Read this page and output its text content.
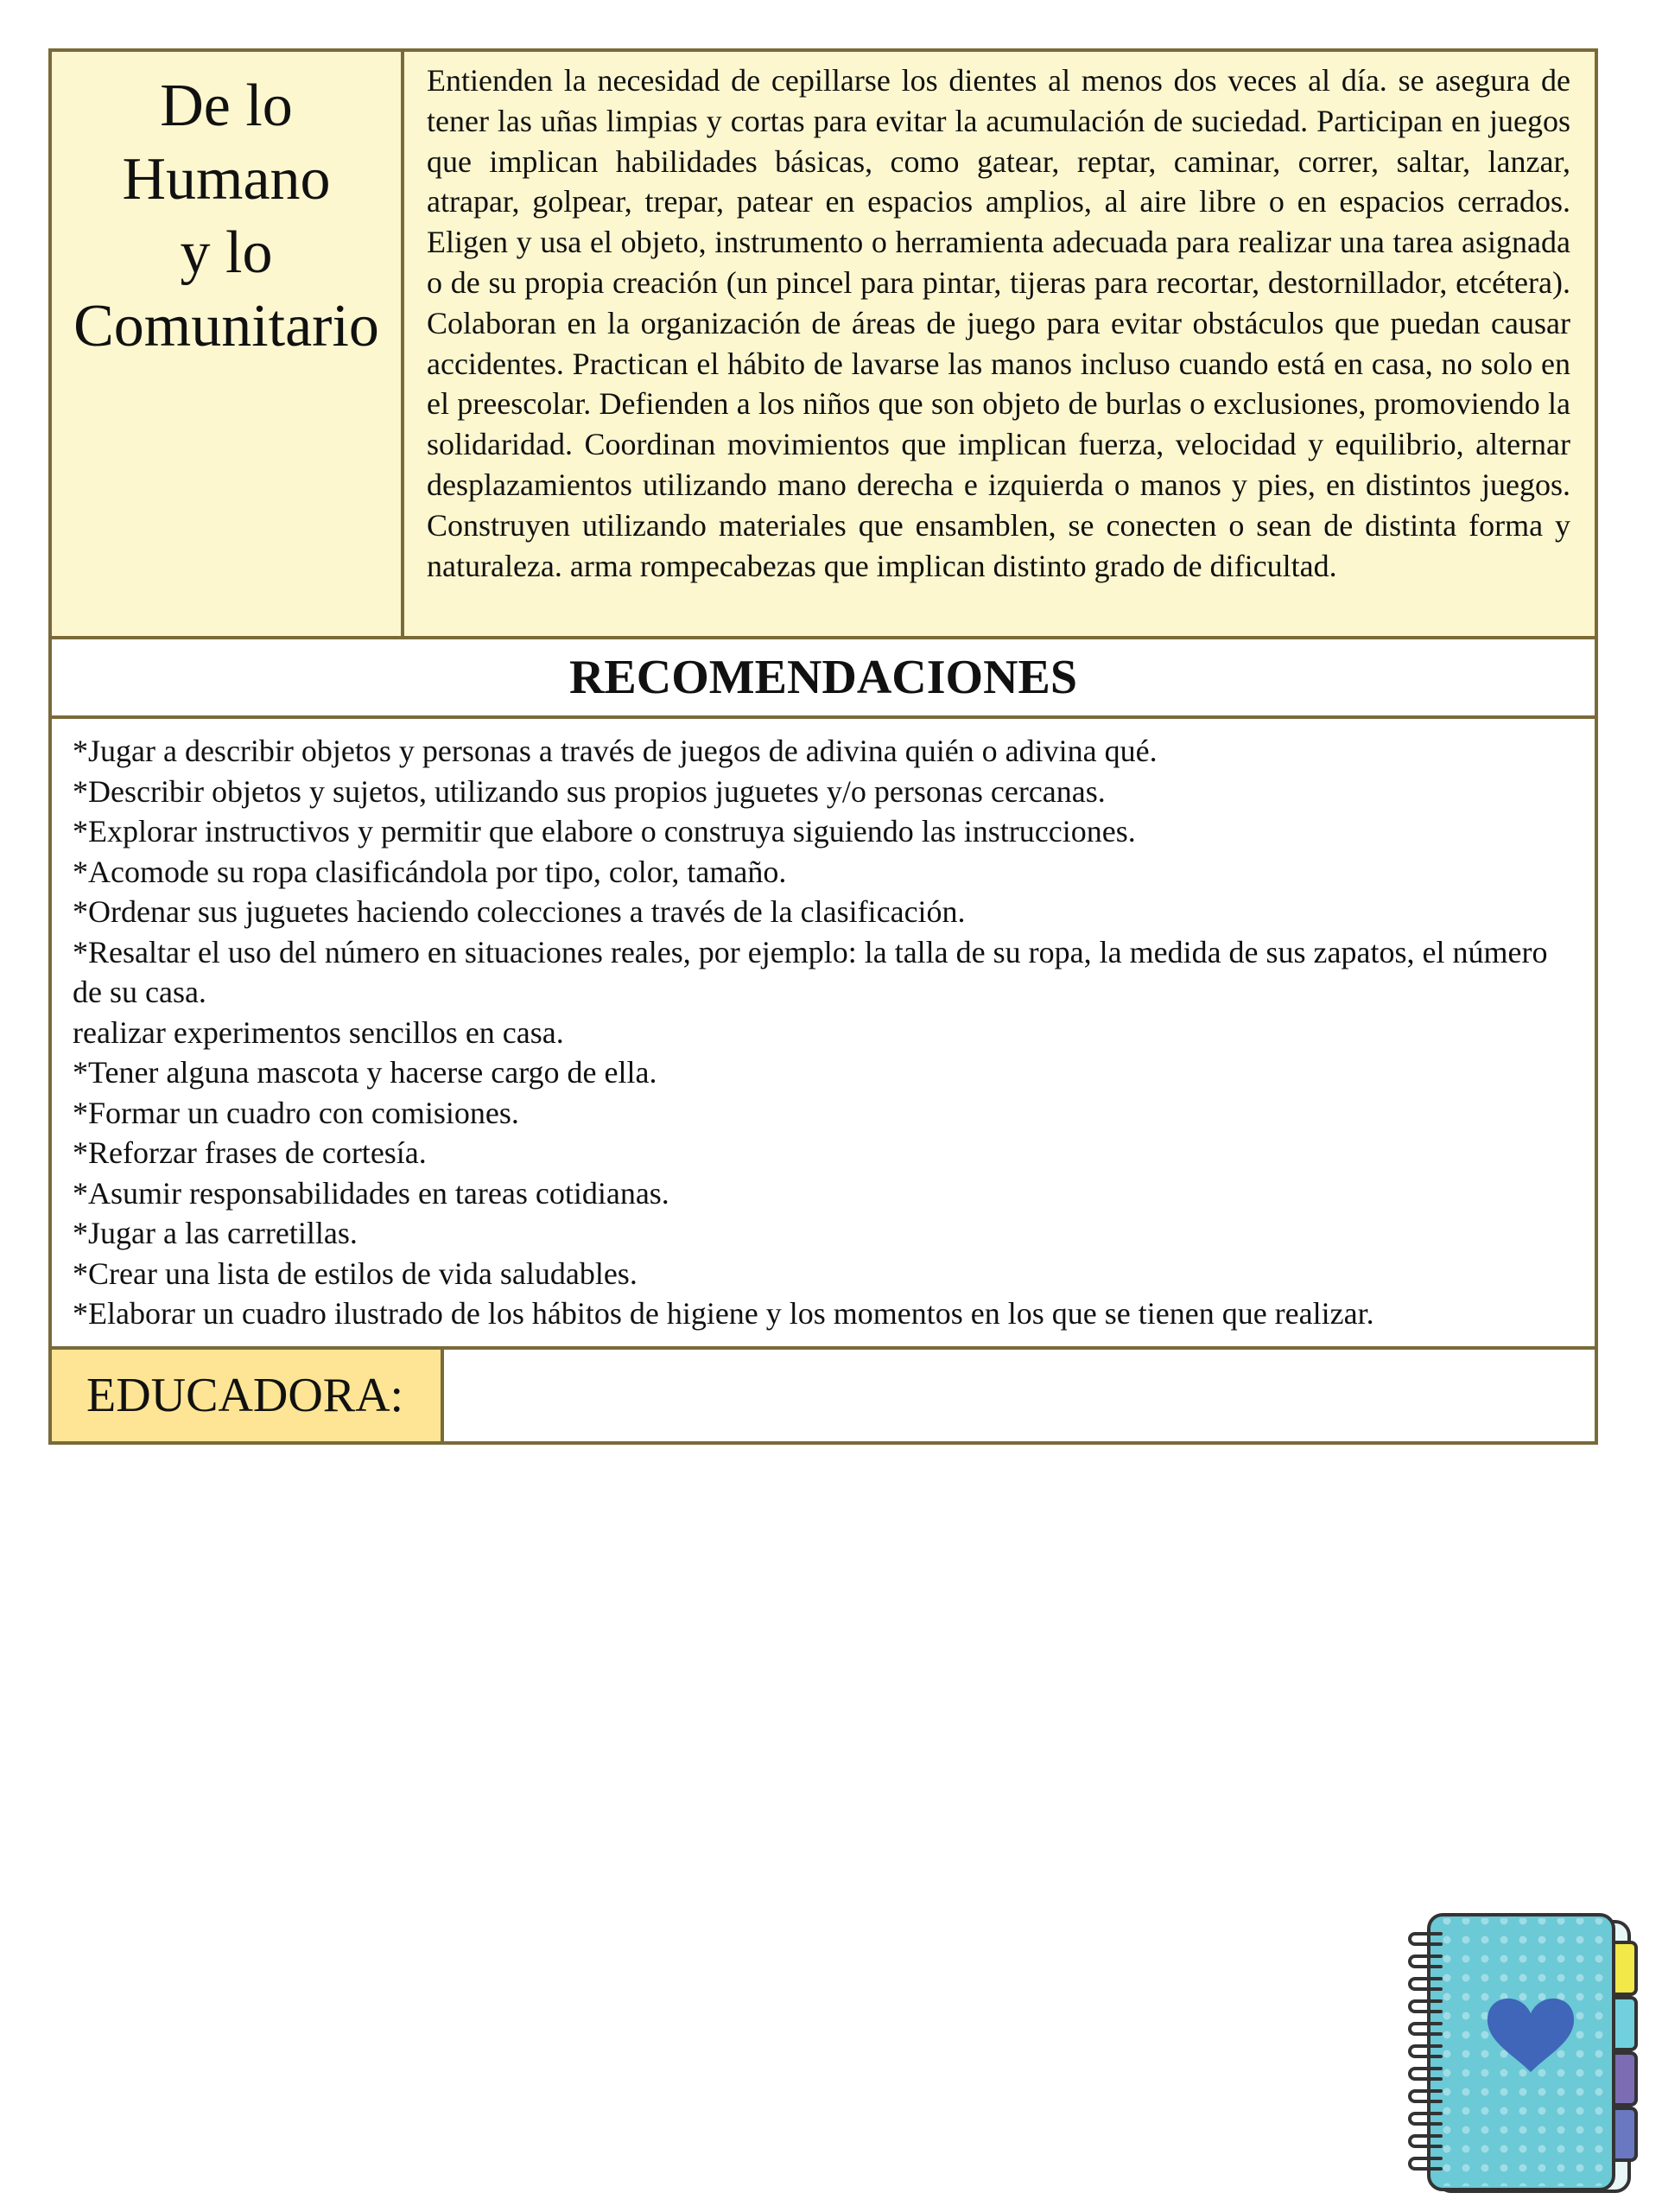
De lo
Humano
y lo
Comunitario
Entienden la necesidad de cepillarse los dientes al menos dos veces al día. se asegura de tener las uñas limpias y cortas para evitar la acumulación de suciedad. Participan en juegos que implican habilidades básicas, como gatear, reptar, caminar, correr, saltar, lanzar, atrapar, golpear, trepar, patear en espacios amplios, al aire libre o en espacios cerrados. Eligen y usa el objeto, instrumento o herramienta adecuada para realizar una tarea asignada o de su propia creación (un pincel para pintar, tijeras para recortar, destornillador, etcétera). Colaboran en la organización de áreas de juego para evitar obstáculos que puedan causar accidentes. Practican el hábito de lavarse las manos incluso cuando está en casa, no solo en el preescolar. Defienden a los niños que son objeto de burlas o exclusiones, promoviendo la solidaridad. Coordinan movimientos que implican fuerza, velocidad y equilibrio, alternar desplazamientos utilizando mano derecha e izquierda o manos y pies, en distintos juegos. Construyen utilizando materiales que ensamblen, se conecten o sean de distinta forma y naturaleza. arma rompecabezas que implican distinto grado de dificultad.
RECOMENDACIONES
*Jugar a describir objetos y personas a través de juegos de adivina quién o adivina qué.
*Describir objetos y sujetos, utilizando sus propios juguetes y/o personas cercanas.
*Explorar instructivos y permitir que elabore o construya siguiendo las instrucciones.
*Acomode su ropa clasificándola por tipo, color, tamaño.
*Ordenar sus juguetes haciendo colecciones a través de la clasificación.
*Resaltar el uso del número en situaciones reales, por ejemplo: la talla de su ropa, la medida de sus zapatos, el número de su casa.
realizar experimentos sencillos en casa.
*Tener alguna mascota y hacerse cargo de ella.
*Formar un cuadro con comisiones.
*Reforzar frases de cortesía.
*Asumir responsabilidades en tareas cotidianas.
*Jugar a las carretillas.
*Crear una lista de estilos de vida saludables.
*Elaborar un cuadro ilustrado de los hábitos de higiene y los momentos en los que se tienen que realizar.
EDUCADORA:
